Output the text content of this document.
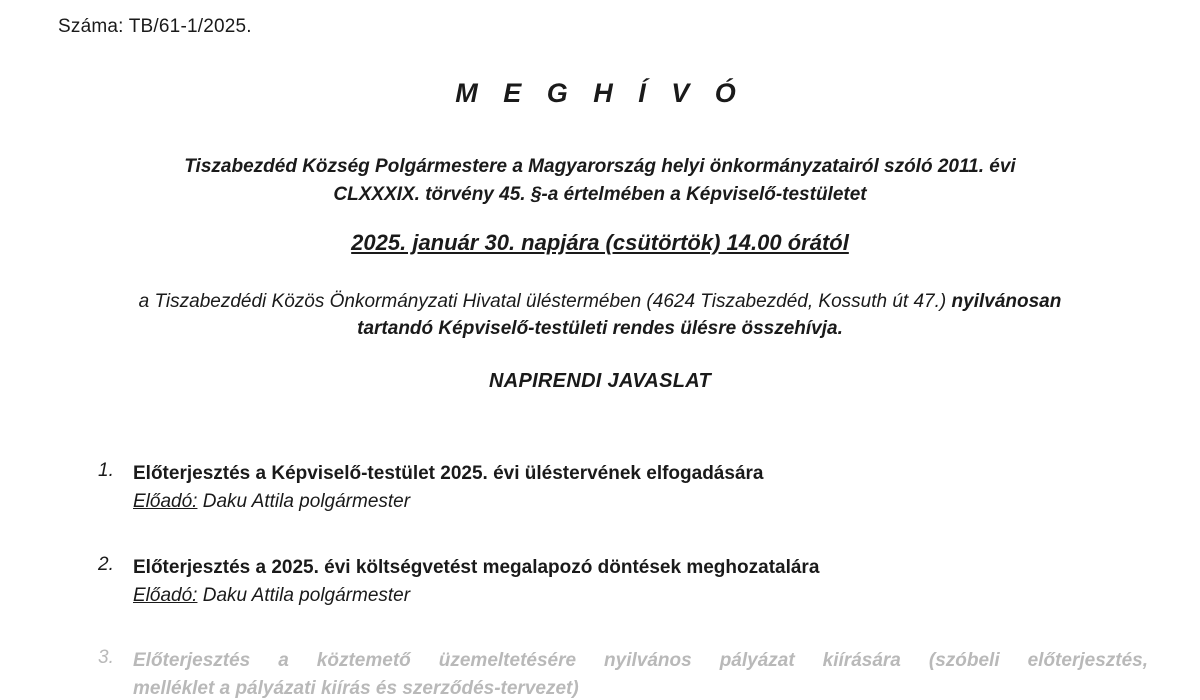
Száma: TB/61-1/2025.
M E G H Í V Ó
Tiszabezdéd Község Polgármestere a Magyarország helyi önkormányzatairól szóló 2011. évi
CLXXXIX. törvény 45. §-a értelmében a Képviselő-testületet
2025. január 30. napjára (csütörtök) 14.00 órától
a Tiszabezdédi Közös Önkormányzati Hivatal üléstermében (4624 Tiszabezdéd, Kossuth út 47.) nyilvánosan
tartandó Képviselő-testületi rendes ülésre összehívja.
NAPIRENDI JAVASLAT
1.	Előterjesztés a Képviselő-testület 2025. évi üléstervének elfogadására
Előadó: Daku Attila polgármester
2.	Előterjesztés a 2025. évi költségvetést megalapozó döntések meghozatalára
Előadó: Daku Attila polgármester
3.	Előterjesztés a köztemető üzemeltetésére nyilvános pályázat kiírására (szóbeli előterjesztés,
melléklet a pályázati kiírás és szerződés-tervezet)
